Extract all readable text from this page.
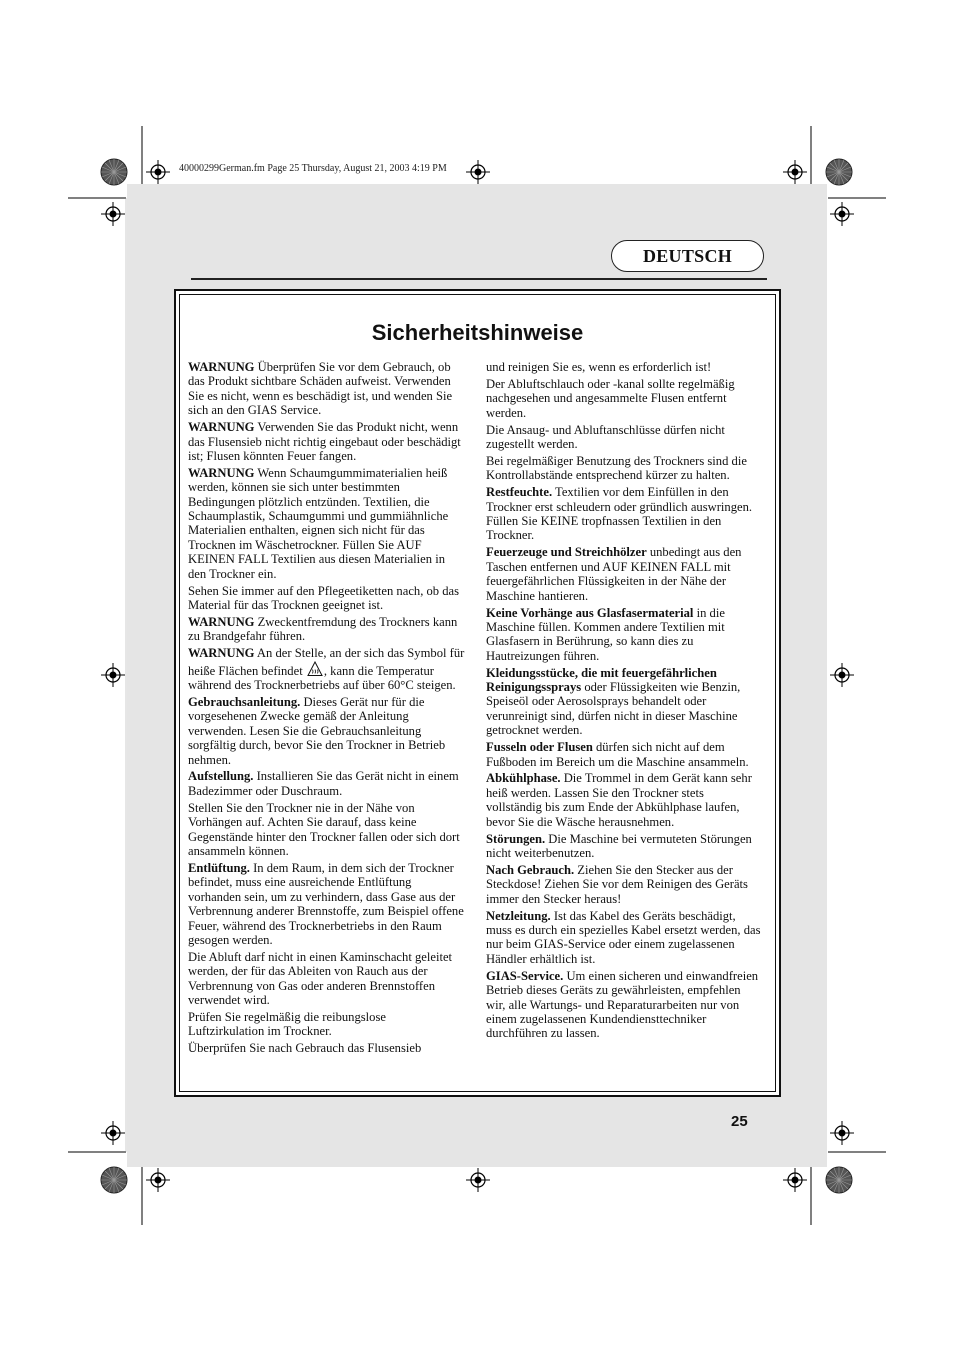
40000299German.fm Page 25 Thursday, August 21, 2003 4:19 PM
DEUTSCH
Sicherheitshinweise

WARNUNG Überprüfen Sie vor dem Gebrauch, ob das Produkt sichtbare Schäden aufweist. Verwenden Sie es nicht, wenn es beschädigt ist, und wenden Sie sich an den GIAS Service.

WARNUNG Verwenden Sie das Produkt nicht, wenn das Flusensieb nicht richtig eingebaut oder beschädigt ist; Flusen könnten Feuer fangen.

WARNUNG Wenn Schaumgummimaterialien heiß werden, können sie sich unter bestimmten Bedingungen plötzlich entzünden. Textilien, die Schaumplastik, Schaumgummi und gummiähnliche Materialien enthalten, eignen sich nicht für das Trocknen im Wäschetrockner. Füllen Sie AUF KEINEN FALL Textilien aus diesen Materialien in den Trockner ein.

Sehen Sie immer auf den Pflegeetiketten nach, ob das Material für das Trocknen geeignet ist.

WARNUNG Zweckentfremdung des Trockners kann zu Brandgefahr führen.

WARNUNG An der Stelle, an der sich das Symbol für heiße Flächen befindet , kann die Temperatur während des Trocknerbetriebs auf über 60°C steigen.

Gebrauchsanleitung. Dieses Gerät nur für die vorgesehenen Zwecke gemäß der Anleitung verwenden. Lesen Sie die Gebrauchsanleitung sorgfältig durch, bevor Sie den Trockner in Betrieb nehmen.

Aufstellung. Installieren Sie das Gerät nicht in einem Badezimmer oder Duschraum.

Stellen Sie den Trockner nie in der Nähe von Vorhängen auf. Achten Sie darauf, dass keine Gegenstände hinter den Trockner fallen oder sich dort ansammeln können.

Entlüftung. In dem Raum, in dem sich der Trockner befindet, muss eine ausreichende Entlüftung vorhanden sein, um zu verhindern, dass Gase aus der Verbrennung anderer Brennstoffe, zum Beispiel offene Feuer, während des Trocknerbetriebs in den Raum gesogen werden.

Die Abluft darf nicht in einen Kaminschacht geleitet werden, der für das Ableiten von Rauch aus der Verbrennung von Gas oder anderen Brennstoffen verwendet wird.

Prüfen Sie regelmäßig die reibungslose Luftzirkulation im Trockner.

Überprüfen Sie nach Gebrauch das Flusensieb

und reinigen Sie es, wenn es erforderlich ist!

Der Abluftschlauch oder -kanal sollte regelmäßig nachgesehen und angesammelte Flusen entfernt werden.

Die Ansaug- und Abluftanschlüsse dürfen nicht zugestellt werden.

Bei regelmäßiger Benutzung des Trockners sind die Kontrollabstände entsprechend kürzer zu halten.

Restfeuchte. Textilien vor dem Einfüllen in den Trockner erst schleudern oder gründlich auswringen. Füllen Sie KEINE tropfnassen Textilien in den Trockner.

Feuerzeuge und Streichhölzer unbedingt aus den Taschen entfernen und AUF KEINEN FALL mit feuergefährlichen Flüssigkeiten in der Nähe der Maschine hantieren.

Keine Vorhänge aus Glasfasermaterial in die Maschine füllen. Kommen andere Textilien mit Glasfasern in Berührung, so kann dies zu Hautreizungen führen.

Kleidungsstücke, die mit feuergefährlichen Reinigungssprays oder Flüssigkeiten wie Benzin, Speiseöl oder Aerosolsprays behandelt oder verunreinigt sind, dürfen nicht in dieser Maschine getrocknet werden.

Fusseln oder Flusen dürfen sich nicht auf dem Fußboden im Bereich um die Maschine ansammeln.

Abkühlphase. Die Trommel in dem Gerät kann sehr heiß werden. Lassen Sie den Trockner stets vollständig bis zum Ende der Abkühlphase laufen, bevor Sie die Wäsche herausnehmen.

Störungen. Die Maschine bei vermuteten Störungen nicht weiterbenutzen.

Nach Gebrauch. Ziehen Sie den Stecker aus der Steckdose! Ziehen Sie vor dem Reinigen des Geräts immer den Stecker heraus!

Netzleitung. Ist das Kabel des Geräts beschädigt, muss es durch ein spezielles Kabel ersetzt werden, das nur beim GIAS-Service oder einem zugelassenen Händler erhältlich ist.

GIAS-Service. Um einen sicheren und einwandfreien Betrieb dieses Geräts zu gewährleisten, empfehlen wir, alle Wartungs- und Reparaturarbeiten nur von einem zugelassenen Kundendiensttechniker durchführen zu lassen.

25
